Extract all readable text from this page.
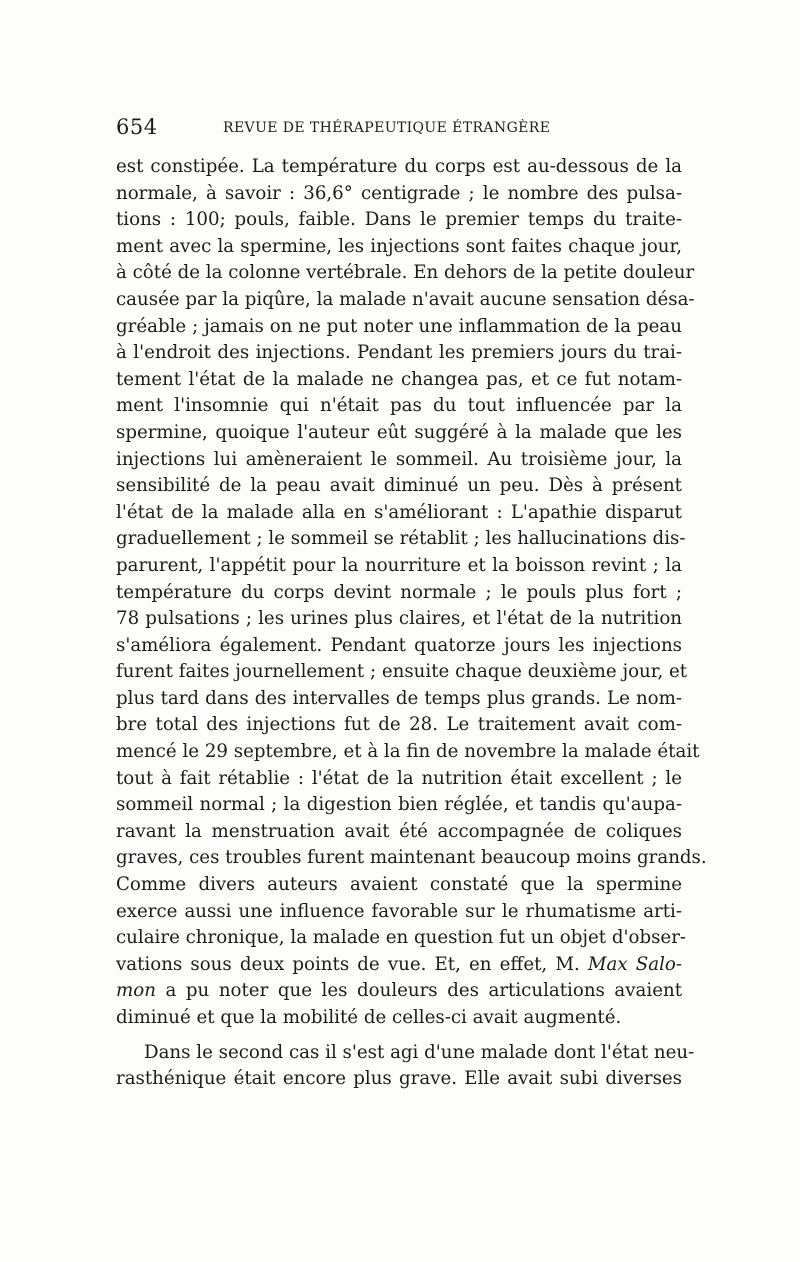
654	REVUE DE THÉRAPEUTIQUE ÉTRANGÈRE
est constipée. La température du corps est au-dessous de la
normale, à savoir : 36,6° centigrade ; le nombre des pulsa-
tions : 100; pouls, faible. Dans le premier temps du traite-
ment avec la spermine, les injections sont faites chaque jour,
à côté de la colonne vertébrale. En dehors de la petite douleur
causée par la piqûre, la malade n'avait aucune sensation désa-
gréable ; jamais on ne put noter une inflammation de la peau
à l'endroit des injections. Pendant les premiers jours du trai-
tement l'état de la malade ne changea pas, et ce fut notam-
ment l'insomnie qui n'était pas du tout influencée par la
spermine, quoique l'auteur eût suggéré à la malade que les
injections lui amèneraient le sommeil. Au troisième jour, la
sensibilité de la peau avait diminué un peu. Dès à présent
l'état de la malade alla en s'améliorant : L'apathie disparut
graduellement ; le sommeil se rétablit ; les hallucinations dis-
parurent, l'appétit pour la nourriture et la boisson revint ; la
température du corps devint normale ; le pouls plus fort ;
78 pulsations ; les urines plus claires, et l'état de la nutrition
s'améliora également. Pendant quatorze jours les injections
furent faites journellement ; ensuite chaque deuxième jour, et
plus tard dans des intervalles de temps plus grands. Le nom-
bre total des injections fut de 28. Le traitement avait com-
mencé le 29 septembre, et à la fin de novembre la malade était
tout à fait rétablie : l'état de la nutrition était excellent ; le
sommeil normal ; la digestion bien réglée, et tandis qu'aupa-
ravant la menstruation avait été accompagnée de coliques
graves, ces troubles furent maintenant beaucoup moins grands.
Comme divers auteurs avaient constaté que la spermine
exerce aussi une influence favorable sur le rhumatisme arti-
culaire chronique, la malade en question fut un objet d'obser-
vations sous deux points de vue. Et, en effet, M. Max Salo-
mon a pu noter que les douleurs des articulations avaient
diminué et que la mobilité de celles-ci avait augmenté.
Dans le second cas il s'est agi d'une malade dont l'état neu-
rasthénique était encore plus grave. Elle avait subi diverses
